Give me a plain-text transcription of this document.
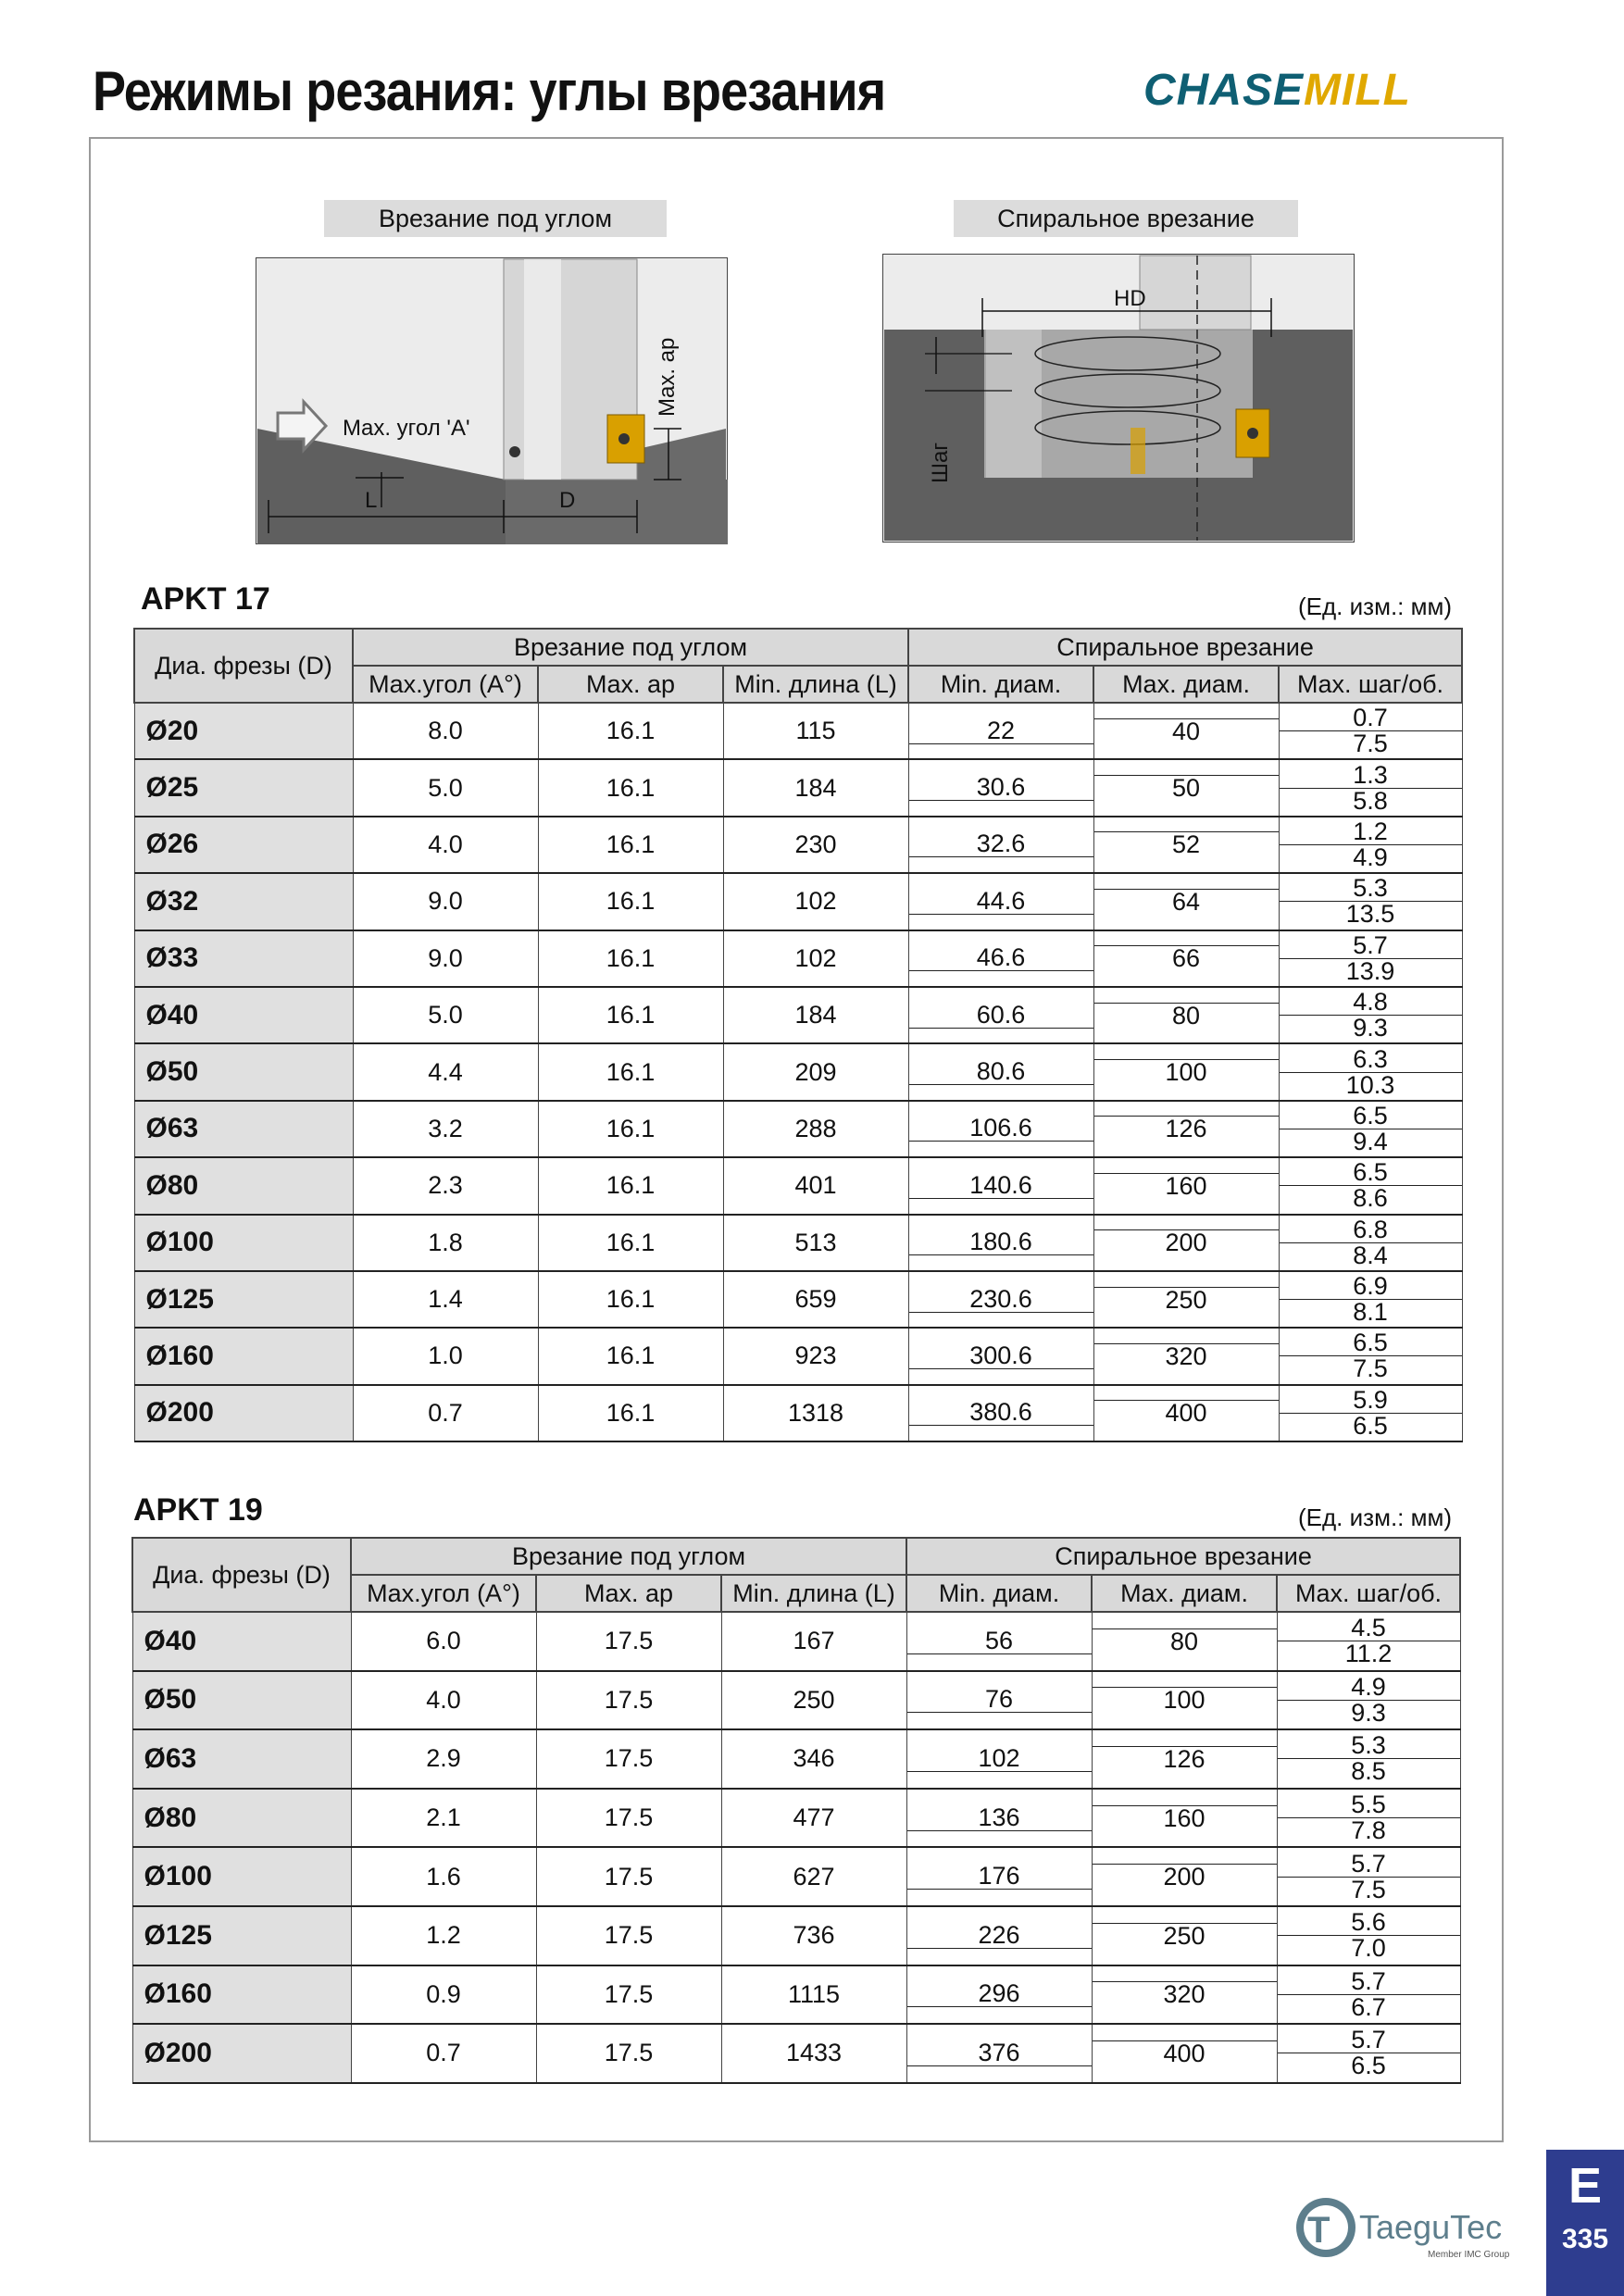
Режимы резания: углы врезания	CHASEMILL
Врезание под углом
Max. угол 'A'
Max. ap
L	D
Спиральное врезание
HD
Шаг
APKT 17	(Ед. изм.: мм)
Диа. фрезы (D)	Врезание под углом			Спиральное врезание		
	Max.угол (A°)	Max. ap	Min. длина (L)	Min. диам.	Max. диам.	Max. шаг/об.
Ø20	8.0	16.1	115	22	40	0.7
7.5

Ø25	5.0	16.1	184	30.6	50	1.3
5.8

Ø26	4.0	16.1	230	32.6	52	1.2
4.9

Ø32	9.0	16.1	102	44.6	64	5.3
13.5

Ø33	9.0	16.1	102	46.6	66	5.7
13.9

Ø40	5.0	16.1	184	60.6	80	4.8
9.3

Ø50	4.4	16.1	209	80.6	100	6.3
10.3

Ø63	3.2	16.1	288	106.6	126	6.5
9.4

Ø80	2.3	16.1	401	140.6	160	6.5
8.6

Ø100	1.8	16.1	513	180.6	200	6.8
8.4

Ø125	1.4	16.1	659	230.6	250	6.9
8.1

Ø160	1.0	16.1	923	300.6	320	6.5
7.5

Ø200	0.7	16.1	1318	380.6	400	5.9
6.5
APKT 19	(Ед. изм.: мм)
Диа. фрезы (D)	Врезание под углом			Спиральное врезание		
	Max.угол (A°)	Max. ap	Min. длина (L)	Min. диам.	Max. диам.	Max. шаг/об.
Ø40	6.0	17.5	167	56	80	4.5
11.2

Ø50	4.0	17.5	250	76	100	4.9
9.3

Ø63	2.9	17.5	346	102	126	5.3
8.5

Ø80	2.1	17.5	477	136	160	5.5
7.8

Ø100	1.6	17.5	627	176	200	5.7
7.5

Ø125	1.2	17.5	736	226	250	5.6
7.0

Ø160	0.9	17.5	1115	296	320	5.7
6.7

Ø200	0.7	17.5	1433	376	400	5.7
6.5
T TaeguTec
Member IMC Group
E
335
